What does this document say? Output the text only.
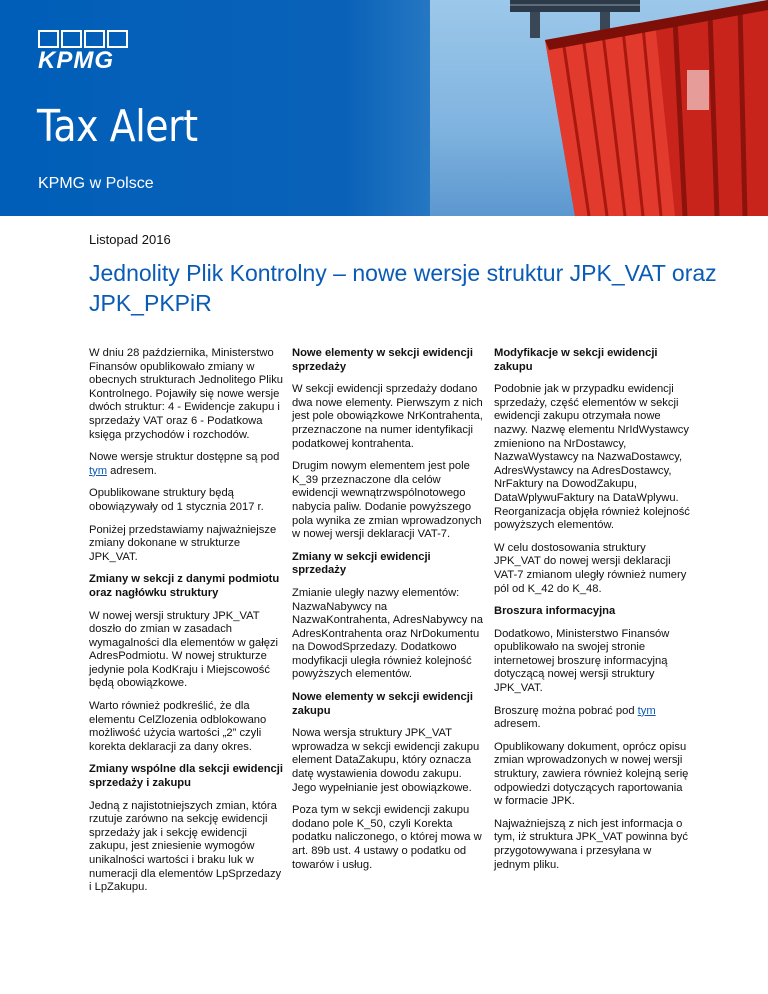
KPMG
Tax Alert
KPMG w Polsce
Listopad 2016
Jednolity Plik Kontrolny – nowe wersje struktur JPK_VAT oraz JPK_PKPiR

W dniu 28 października, Ministerstwo Finansów opublikowało zmiany w obecnych strukturach Jednolitego Pliku Kontrolnego. Pojawiły się nowe wersje dwóch struktur: 4 - Ewidencje zakupu i sprzedaży VAT oraz 6 - Podatkowa księga przychodów i rozchodów.

Nowe wersje struktur dostępne są pod tym adresem.

Opublikowane struktury będą obowiązywały od 1 stycznia 2017 r.

Poniżej przedstawiamy najważniejsze zmiany dokonane w strukturze JPK_VAT.

Zmiany w sekcji z danymi podmiotu oraz nagłówku struktury

W nowej wersji struktury JPK_VAT doszło do zmian w zasadach wymagalności dla elementów w gałęzi AdresPodmiotu. W nowej strukturze jedynie pola KodKraju i Miejscowość będą obowiązkowe.

Warto również podkreślić, że dla elementu CelZlozenia odblokowano możliwość użycia wartości „2” czyli korekta deklaracji za dany okres.

Zmiany wspólne dla sekcji ewidencji sprzedaży i zakupu

Jedną z najistotniejszych zmian, która rzutuje zarówno na sekcję ewidencji sprzedaży jak i sekcję ewidencji zakupu, jest zniesienie wymogów unikalności wartości i braku luk w numeracji dla elementów LpSprzedazy i LpZakupu.

Nowe elementy w sekcji ewidencji sprzedaży

W sekcji ewidencji sprzedaży dodano dwa nowe elementy. Pierwszym z nich jest pole obowiązkowe NrKontrahenta, przeznaczone na numer identyfikacji podatkowej kontrahenta.

Drugim nowym elementem jest pole K_39 przeznaczone dla celów ewidencji wewnątrzwspólnotowego nabycia paliw. Dodanie powyższego pola wynika ze zmian wprowadzonych w nowej wersji deklaracji VAT-7.

Zmiany w sekcji ewidencji sprzedaży

Zmianie uległy nazwy elementów: NazwaNabywcy na NazwaKontrahenta, AdresNabywcy na AdresKontrahenta oraz NrDokumentu na DowodSprzedazy. Dodatkowo modyfikacji uległa również kolejność powyższych elementów.

Nowe elementy w sekcji ewidencji zakupu

Nowa wersja struktury JPK_VAT wprowadza w sekcji ewidencji zakupu element DataZakupu, który oznacza datę wystawienia dowodu zakupu. Jego wypełnianie jest obowiązkowe.

Poza tym w sekcji ewidencji zakupu dodano pole K_50, czyli Korekta podatku naliczonego, o której mowa w art. 89b ust. 4 ustawy o podatku od towarów i usług.

Modyfikacje w sekcji ewidencji zakupu

Podobnie jak w przypadku ewidencji sprzedaży, część elementów w sekcji ewidencji zakupu otrzymała nowe nazwy. Nazwę elementu NrIdWystawcy zmieniono na NrDostawcy, NazwaWystawcy na NazwaDostawcy, AdresWystawcy na AdresDostawcy, NrFaktury na DowodZakupu, DataWplywuFaktury na DataWplywu. Reorganizacja objęła również kolejność powyższych elementów.

W celu dostosowania struktury JPK_VAT do nowej wersji deklaracji VAT-7 zmianom uległy również numery pól od K_42 do K_48.

Broszura informacyjna

Dodatkowo, Ministerstwo Finansów opublikowało na swojej stronie internetowej broszurę informacyjną dotyczącą nowej wersji struktury JPK_VAT.

Broszurę można pobrać pod tym adresem.

Opublikowany dokument, oprócz opisu zmian wprowadzonych w nowej wersji struktury, zawiera również kolejną serię odpowiedzi dotyczących raportowania w formacie JPK.

Najważniejszą z nich jest informacja o tym, iż struktura JPK_VAT powinna być przygotowywana i przesyłana w jednym pliku.
